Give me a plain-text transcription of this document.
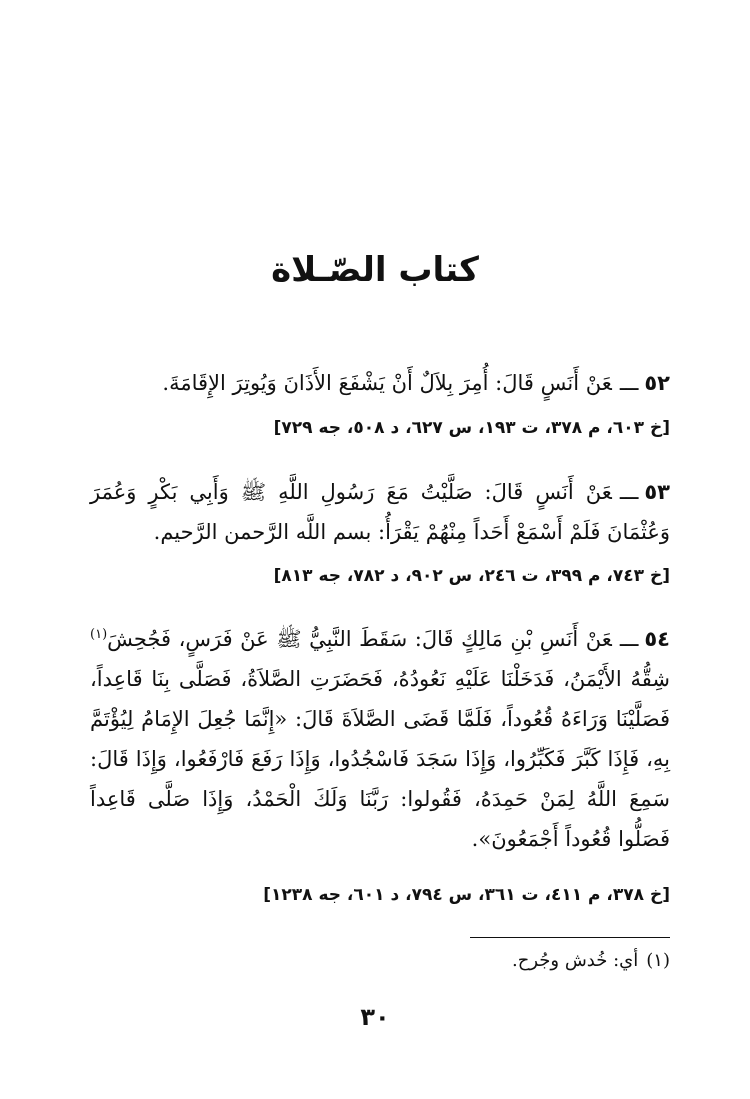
كتاب الصّـلاة
٥٢ـــعَنْ أَنَسٍ قَالَ: أُمِرَ بِلاَلٌ أَنْ يَشْفَعَ الأَذَانَ وَيُوتِرَ الإِقَامَةَ.
[خ ٦٠٣، م ٣٧٨، ت ١٩٣، س ٦٢٧، د ٥٠٨، جه ٧٢٩]
٥٣ـــعَنْ أَنَسٍ قَالَ: صَلَّيْتُ مَعَ رَسُولِ اللَّهِ ﷺ وَأَبِي بَكْرٍ وَعُمَرَ وَعُثْمَانَ فَلَمْ أَسْمَعْ أَحَداً مِنْهُمْ يَقْرَأُ: بسم اللَّه الرَّحمن الرَّحيم.
[خ ٧٤٣، م ٣٩٩، ت ٢٤٦، س ٩٠٢، د ٧٨٢، جه ٨١٣]
٥٤ـــعَنْ أَنَسِ بْنِ مَالِكٍ قَالَ: سَقَطَ النَّبِيُّ ﷺ عَنْ فَرَسٍ، فَجُحِشَ$^{(١)}$ شِقُّهُ الأَيْمَنُ، فَدَخَلْنَا عَلَيْهِ نَعُودُهُ، فَحَضَرَتِ الصَّلاَةُ، فَصَلَّى بِنَا قَاعِداً، فَصَلَّيْنَا وَرَاءَهُ قُعُوداً، فَلَمَّا قَضَى الصَّلاَةَ قَالَ: «إِنَّمَا جُعِلَ الإِمَامُ لِيُؤْتَمَّ بِهِ، فَإِذَا كَبَّرَ فَكَبِّرُوا، وَإِذَا سَجَدَ فَاسْجُدُوا، وَإِذَا رَفَعَ فَارْفَعُوا، وَإِذَا قَالَ: سَمِعَ اللَّهُ لِمَنْ حَمِدَهُ، فَقُولوا: رَبَّنَا وَلَكَ الْحَمْدُ، وَإِذَا صَلَّى قَاعِداً فَصَلُّوا قُعُوداً أَجْمَعُونَ».
[خ ٣٧٨، م ٤١١، ت ٣٦١، س ٧٩٤، د ٦٠١، جه ١٢٣٨]
(١)أي: خُدش وجُرح.
٣٠
